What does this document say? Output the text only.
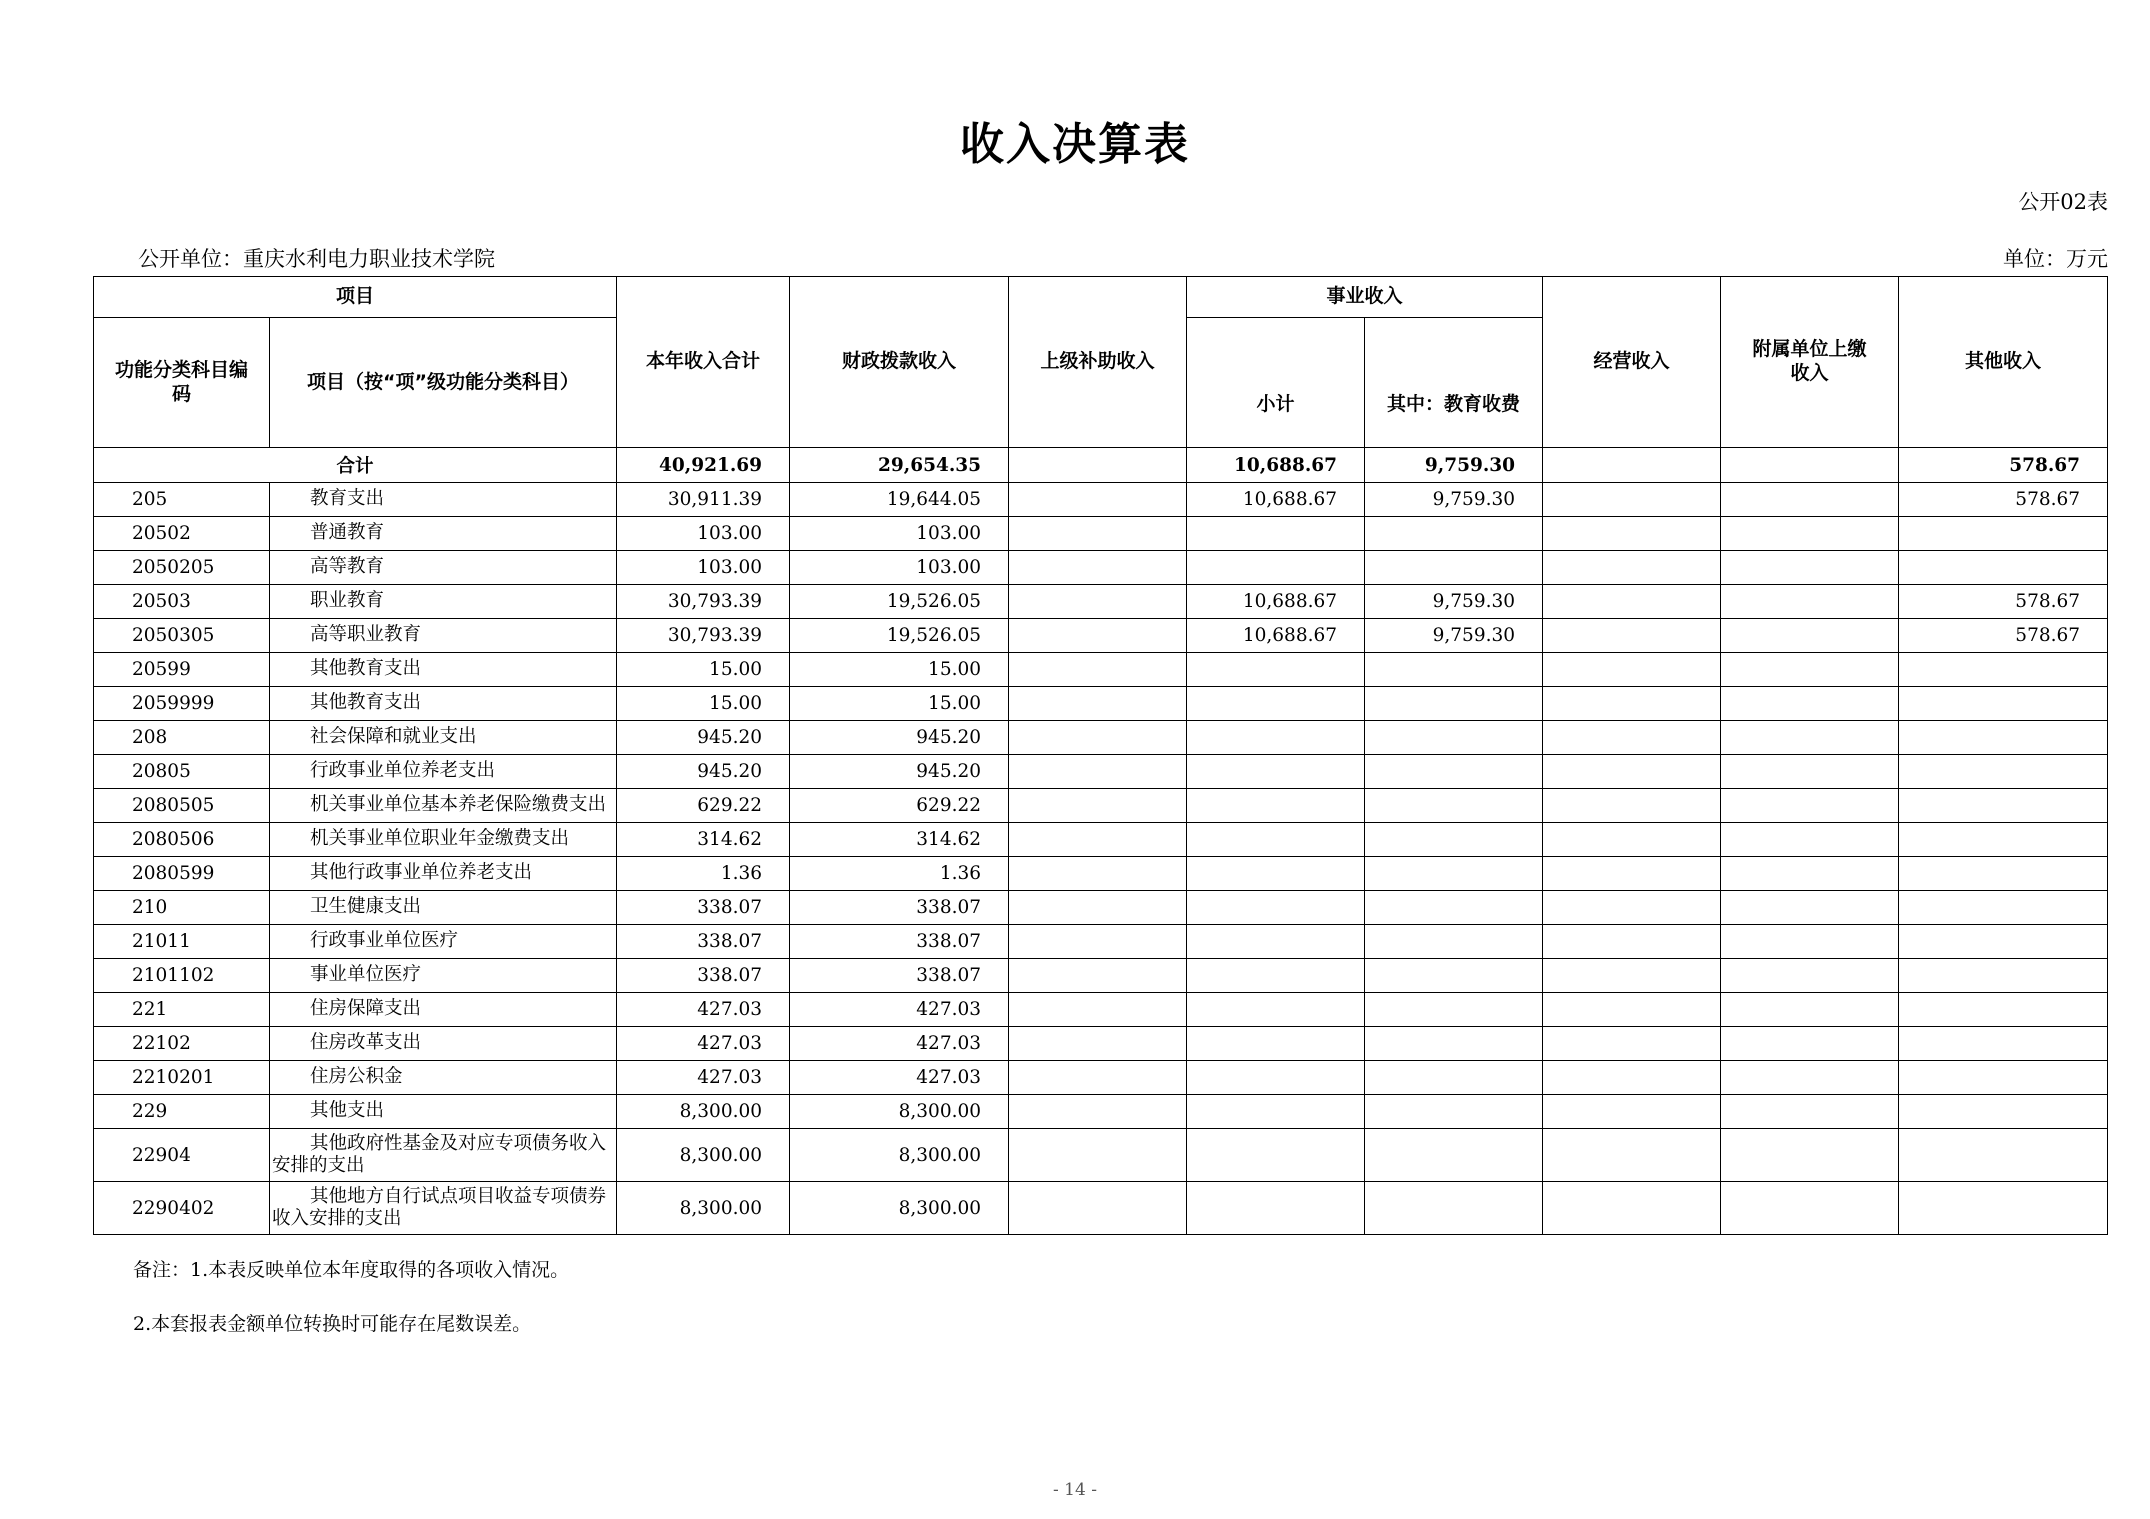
收入决算表
公开02表
公开单位：重庆水利电力职业技术学院	单位：万元
项目		本年收入合计	财政拨款收入	上级补助收入	事业收入		经营收入	附属单位上缴收入	其他收入
功能分类科目编码	项目（按“项”级功能分类科目）				小计	其中：教育收费			
合计		40,921.69	29,654.35		10,688.67	9,759.30			578.67
205	教育支出	30,911.39	19,644.05		10,688.67	9,759.30			578.67
20502	普通教育	103.00	103.00						
2050205	高等教育	103.00	103.00						
20503	职业教育	30,793.39	19,526.05		10,688.67	9,759.30			578.67
2050305	高等职业教育	30,793.39	19,526.05		10,688.67	9,759.30			578.67
20599	其他教育支出	15.00	15.00						
2059999	其他教育支出	15.00	15.00						
208	社会保障和就业支出	945.20	945.20						
20805	行政事业单位养老支出	945.20	945.20						
2080505	机关事业单位基本养老保险缴费支出	629.22	629.22						
2080506	机关事业单位职业年金缴费支出	314.62	314.62						
2080599	其他行政事业单位养老支出	1.36	1.36						
210	卫生健康支出	338.07	338.07						
21011	行政事业单位医疗	338.07	338.07						
2101102	事业单位医疗	338.07	338.07						
221	住房保障支出	427.03	427.03						
22102	住房改革支出	427.03	427.03						
2210201	住房公积金	427.03	427.03						
229	其他支出	8,300.00	8,300.00						
22904	其他政府性基金及对应专项债务收入安排的支出	8,300.00	8,300.00						
2290402	其他地方自行试点项目收益专项债券收入安排的支出	8,300.00	8,300.00						
备注：1.本表反映单位本年度取得的各项收入情况。
2.本套报表金额单位转换时可能存在尾数误差。
- 14 -
